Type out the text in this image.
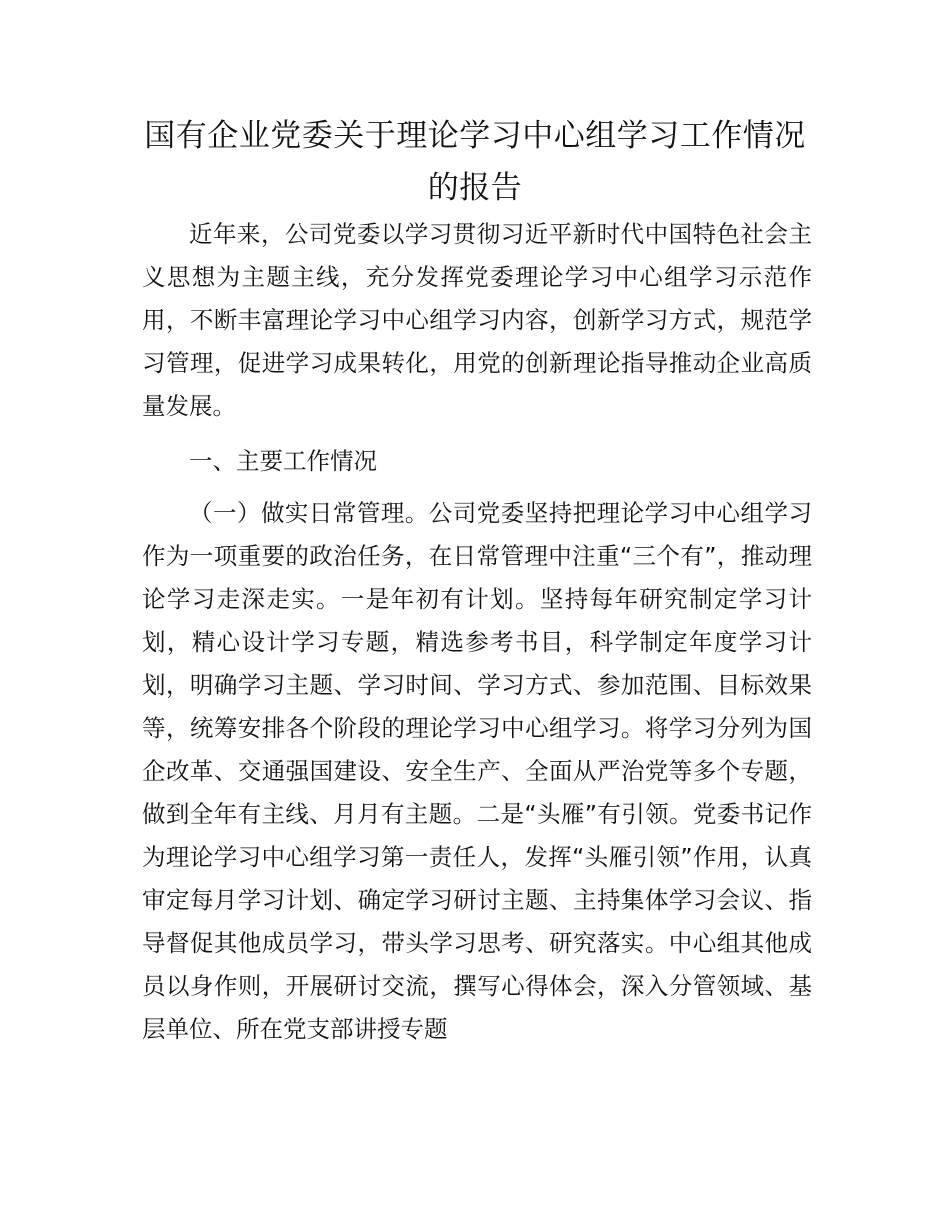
国有企业党委关于理论学习中心组学习工作情况的报告

近年来，公司党委以学习贯彻习近平新时代中国特色社会主义思想为主题主线，充分发挥党委理论学习中心组学习示范作用，不断丰富理论学习中心组学习内容，创新学习方式，规范学习管理，促进学习成果转化，用党的创新理论指导推动企业高质量发展。

一、主要工作情况

（一）做实日常管理。公司党委坚持把理论学习中心组学习作为一项重要的政治任务，在日常管理中注重“三个有”，推动理论学习走深走实。一是年初有计划。坚持每年研究制定学习计划，精心设计学习专题，精选参考书目，科学制定年度学习计划，明确学习主题、学习时间、学习方式、参加范围、目标效果等，统筹安排各个阶段的理论学习中心组学习。将学习分列为国企改革、交通强国建设、安全生产、全面从严治党等多个专题，做到全年有主线、月月有主题。二是“头雁”有引领。党委书记作为理论学习中心组学习第一责任人，发挥“头雁引领”作用，认真审定每月学习计划、确定学习研讨主题、主持集体学习会议、指导督促其他成员学习，带头学习思考、研究落实。中心组其他成员以身作则，开展研讨交流，撰写心得体会，深入分管领域、基层单位、所在党支部讲授专题
